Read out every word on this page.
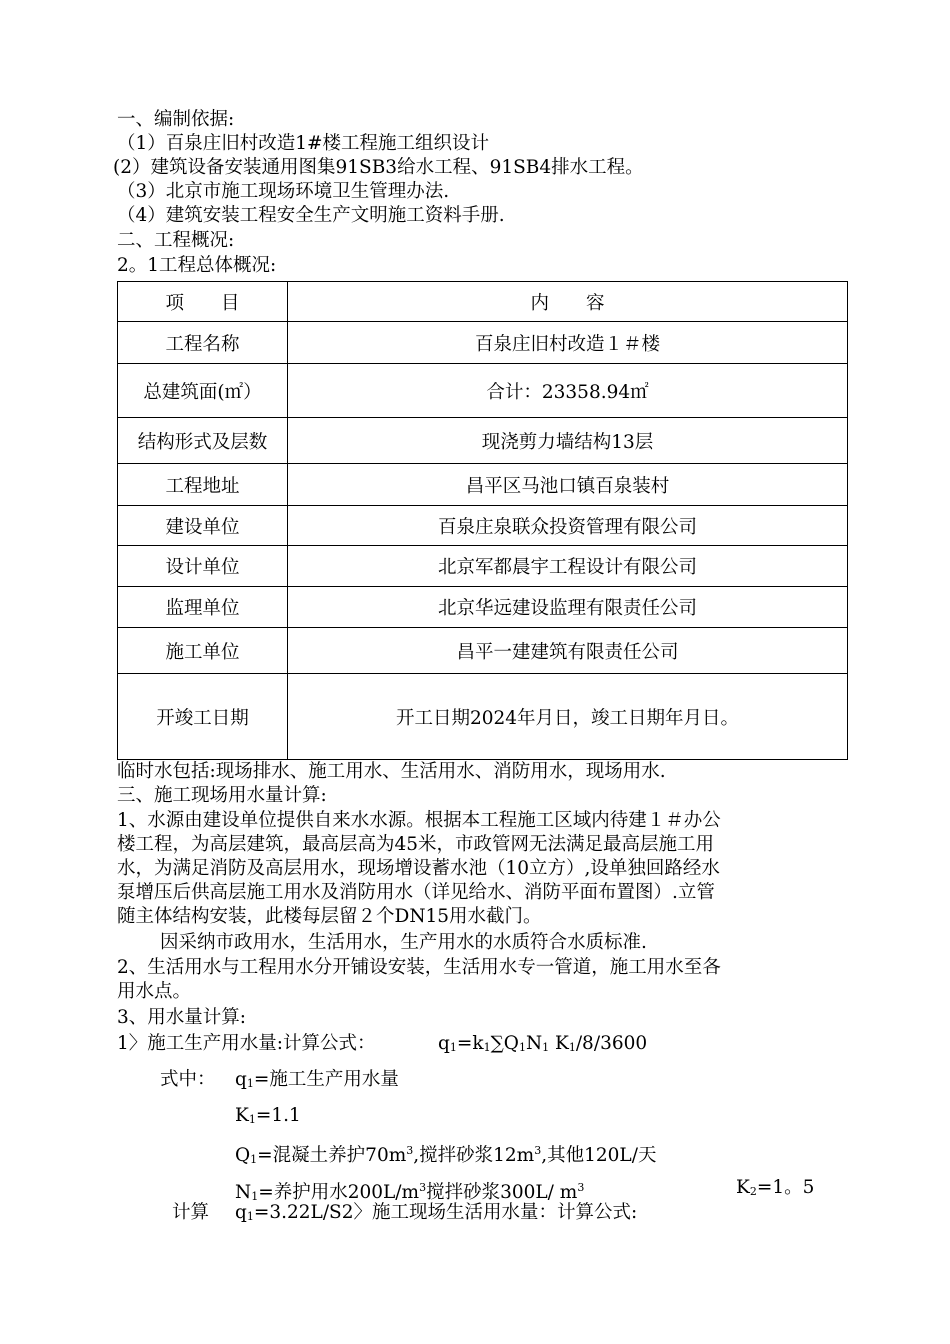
一、编制依据:
（1）百泉庄旧村改造1#楼工程施工组织设计
(2）建筑设备安装通用图集91SB3给水工程、91SB4排水工程。
（3）北京市施工现场环境卫生管理办法.
（4）建筑安装工程安全生产文明施工资料手册.
二、工程概况:
2。1工程总体概况:
项　　目	内　　容
工程名称	百泉庄旧村改造１＃楼
总建筑面(㎡）	合计：23358.94㎡
结构形式及层数	现浇剪力墙结构13层
工程地址	昌平区马池口镇百泉装村
建设单位	百泉庄泉联众投资管理有限公司
设计单位	北京军都晨宇工程设计有限公司
监理单位	北京华远建设监理有限责任公司
施工单位	昌平一建建筑有限责任公司
开竣工日期	开工日期2024年月日，竣工日期年月日。
临时水包括:现场排水、施工用水、生活用水、消防用水，现场用水.
三、施工现场用水量计算:
1、水源由建设单位提供自来水水源。根据本工程施工区域内待建１＃办公
楼工程，为高层建筑，最高层高为45米，市政管网无法满足最高层施工用
水，为满足消防及高层用水，现场增设蓄水池（10立方）,设单独回路经水
泵增压后供高层施工用水及消防用水（详见给水、消防平面布置图）.立管
随主体结构安装，此楼每层留２个DN15用水截门。
因采纳市政用水，生活用水，生产用水的水质符合水质标准.
2、生活用水与工程用水分开铺设安装，生活用水专一管道，施工用水至各
用水点。
3、用水量计算:
1〉施工生产用水量:计算公式：	$q_1=k_1\sum Q_1N_1$ $K_1/8/3600$
式中： $q_1=$施工生产用水量
$K_1=1.1$
$Q_1=$混凝土养护$70m^3$,搅拌砂浆$12m^3$,其他120L/天
$N_1=$养护用水$200L/m^3$搅拌砂浆300L/ $m^3$	$K_2=1$。5
计算 $q_1=3.22L/S2$〉施工现场生活用水量：计算公式:
